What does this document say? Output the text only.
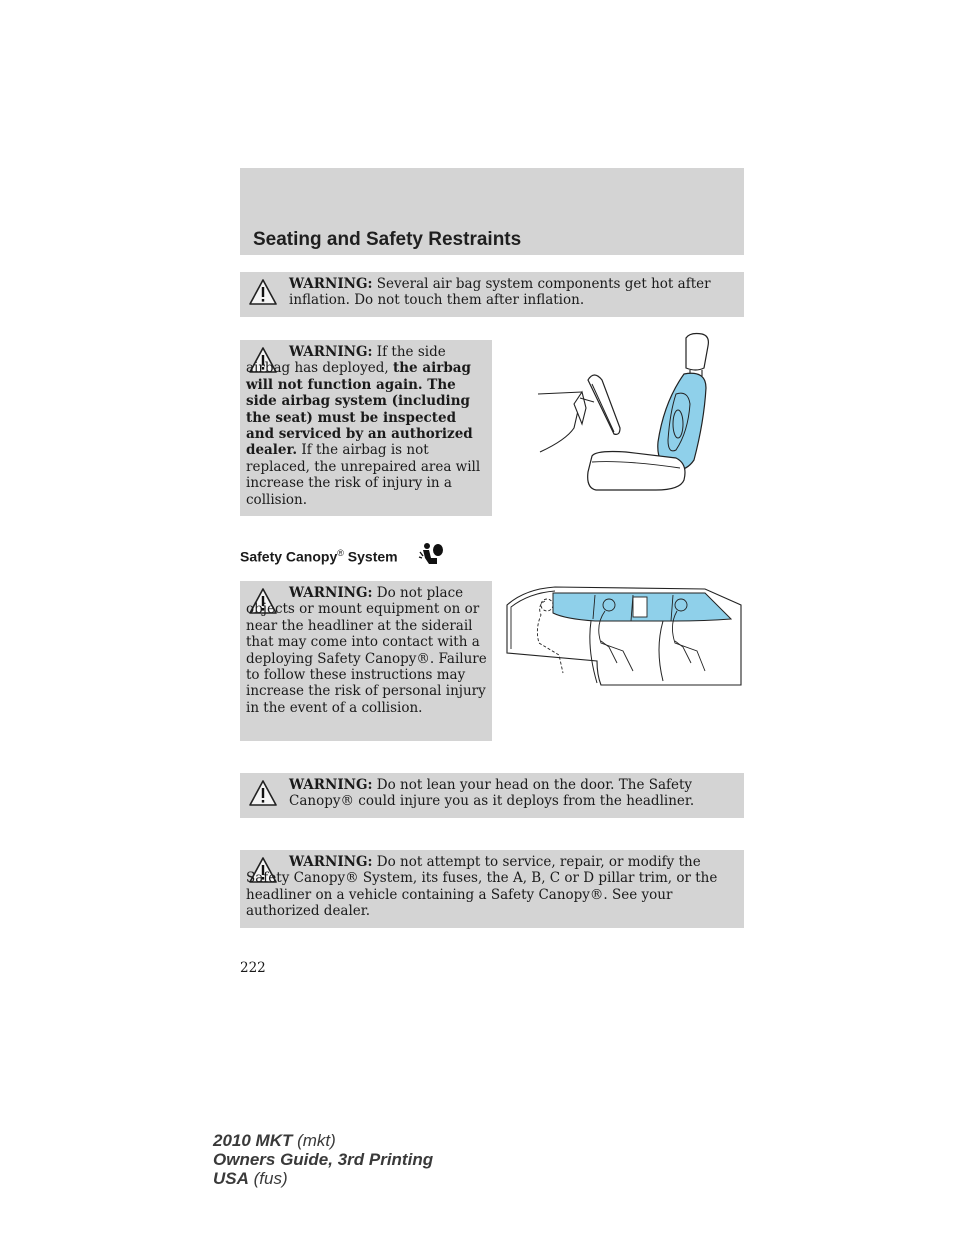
Seating and Safety Restraints
WARNING: Several air bag system components get hot after inflation. Do not touch them after inflation.
WARNING: If the side airbag has deployed, the airbag will not function again. The side airbag system (including the seat) must be inspected and serviced by an authorized dealer. If the airbag is not replaced, the unrepaired area will increase the risk of injury in a collision.
Safety Canopy® System
WARNING: Do not place objects or mount equipment on or near the headliner at the siderail that may come into contact with a deploying Safety Canopy®. Failure to follow these instructions may increase the risk of personal injury in the event of a collision.
WARNING: Do not lean your head on the door. The Safety Canopy® could injure you as it deploys from the headliner.
WARNING: Do not attempt to service, repair, or modify the Safety Canopy® System, its fuses, the A, B, C or D pillar trim, or the headliner on a vehicle containing a Safety Canopy®. See your authorized dealer.
222
2010 MKT (mkt)
Owners Guide, 3rd Printing
USA (fus)
